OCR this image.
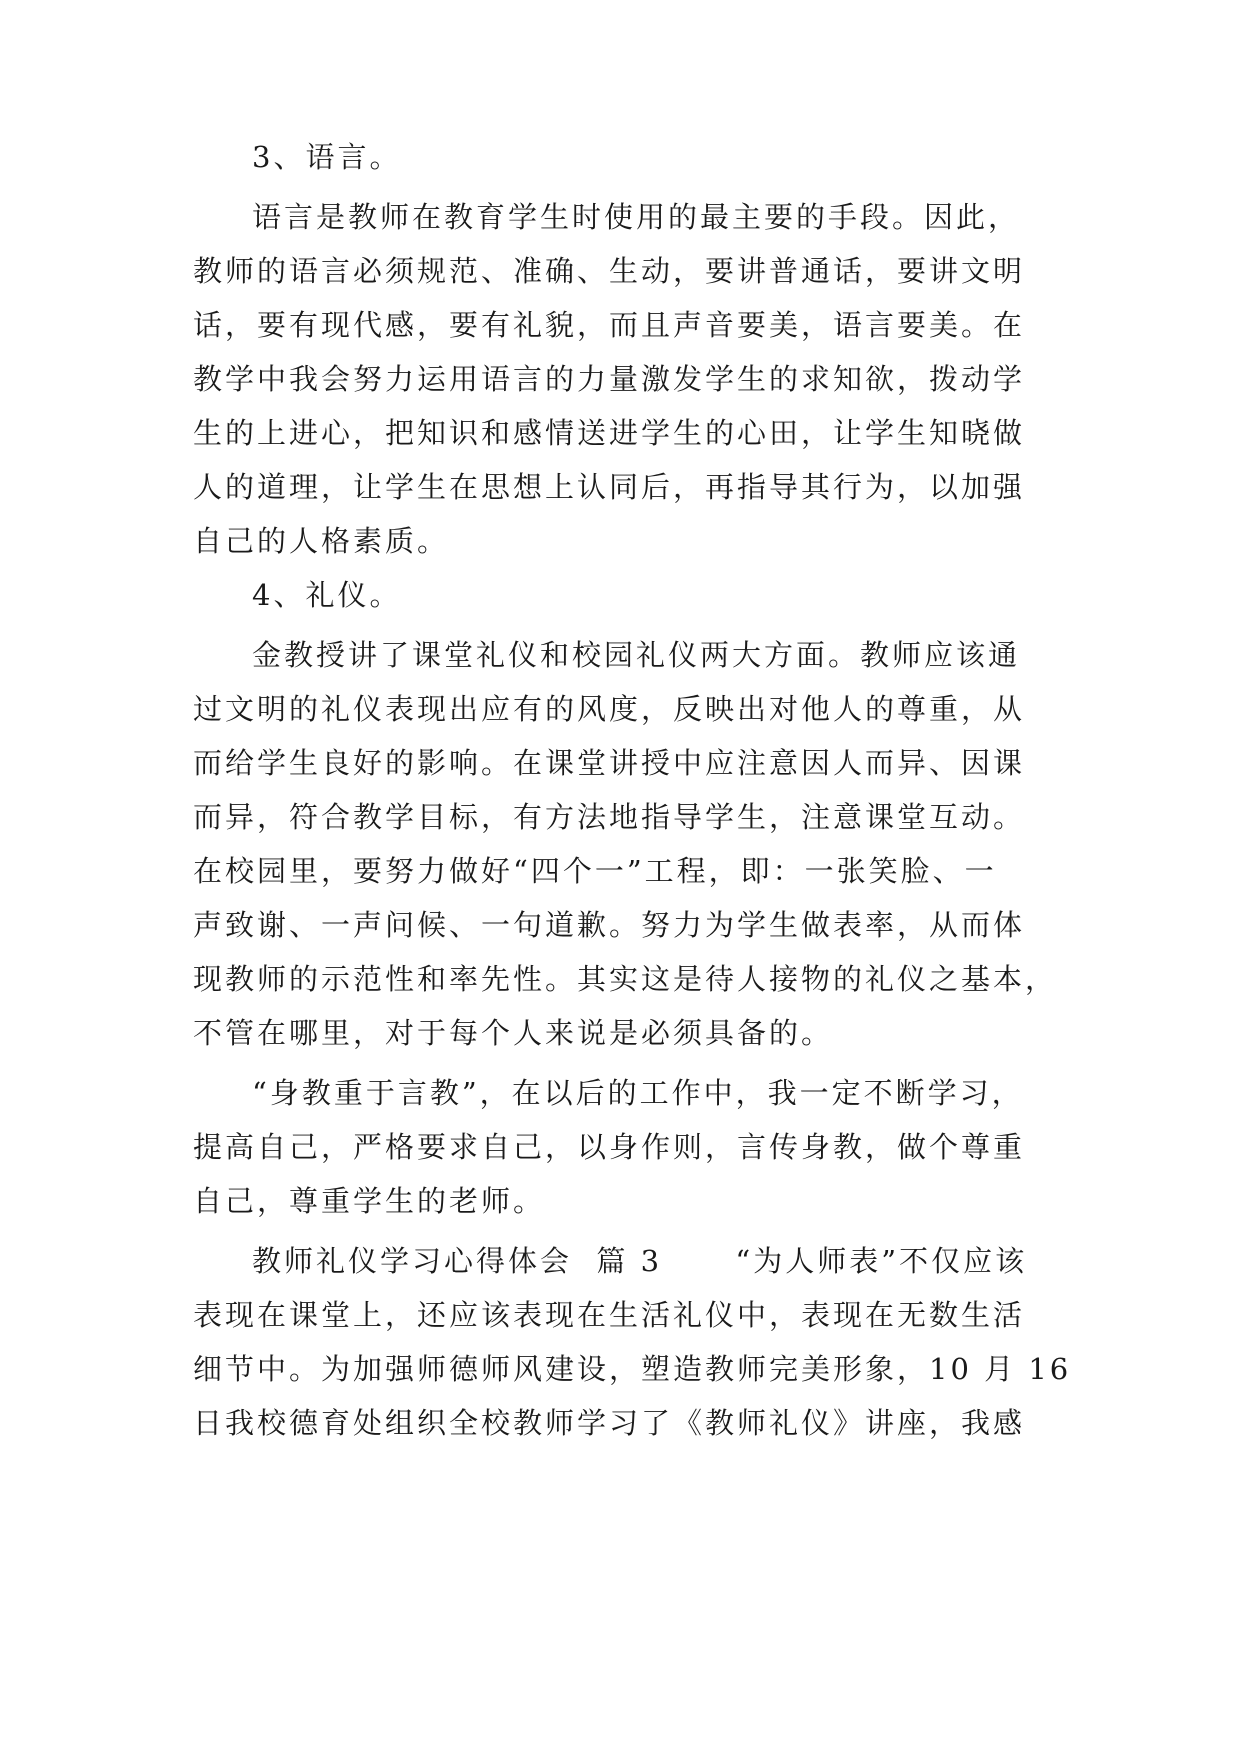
3、语言。
语言是教师在教育学生时使用的最主要的手段。因此，
教师的语言必须规范、准确、生动，要讲普通话，要讲文明
话，要有现代感，要有礼貌，而且声音要美，语言要美。在
教学中我会努力运用语言的力量激发学生的求知欲，拨动学
生的上进心，把知识和感情送进学生的心田，让学生知晓做
人的道理，让学生在思想上认同后，再指导其行为，以加强
自己的人格素质。
4、礼仪。
金教授讲了课堂礼仪和校园礼仪两大方面。教师应该通
过文明的礼仪表现出应有的风度，反映出对他人的尊重，从
而给学生良好的影响。在课堂讲授中应注意因人而异、因课
而异，符合教学目标，有方法地指导学生，注意课堂互动。
在校园里，要努力做好“四个一”工程，即：一张笑脸、一
声致谢、一声问候、一句道歉。努力为学生做表率，从而体
现教师的示范性和率先性。其实这是待人接物的礼仪之基本，
不管在哪里，对于每个人来说是必须具备的。
“身教重于言教”，在以后的工作中，我一定不断学习，
提高自己，严格要求自己，以身作则，言传身教，做个尊重
自己，尊重学生的老师。
教师礼仪学习心得体会  篇 3      “为人师表”不仅应该
表现在课堂上，还应该表现在生活礼仪中，表现在无数生活
细节中。为加强师德师风建设，塑造教师完美形象，10 月 16
日我校德育处组织全校教师学习了《教师礼仪》讲座，我感
